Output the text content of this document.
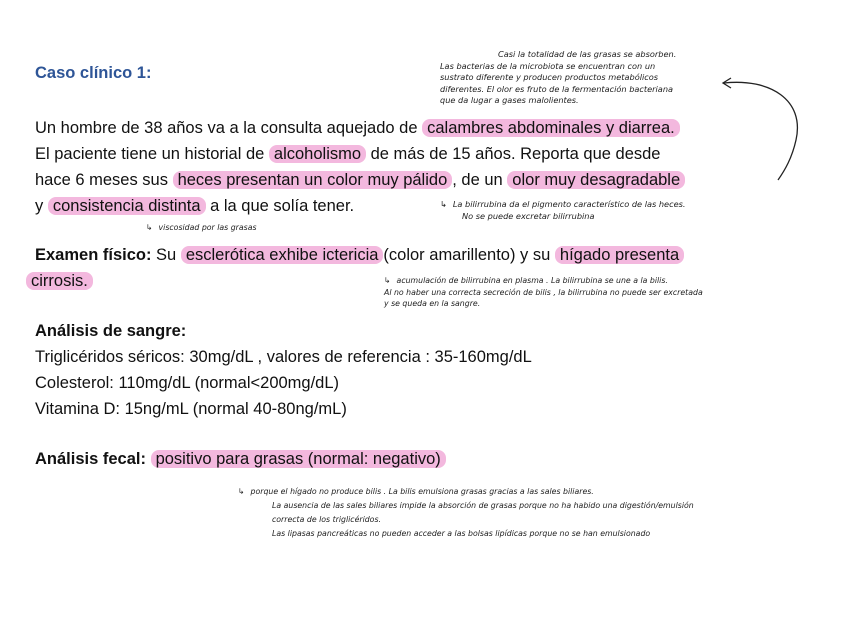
Caso clínico 1:
Un hombre de 38 años va a la consulta aquejado de calambres abdominales y diarrea.
El paciente tiene un historial de alcoholismo de más de 15 años. Reporta que desde
hace 6 meses sus heces presentan un color muy pálido , de un olor muy desagradable
y consistencia distinta a la que solía tener.
Examen físico: Su esclerótica exhibe ictericia (color amarillento) y su hígado presenta
cirrosis.
Análisis de sangre:
Triglicéridos séricos: 30mg/dL , valores de referencia : 35-160mg/dL
Colesterol: 110mg/dL (normal<200mg/dL)
Vitamina D: 15ng/mL (normal 40-80ng/mL)
Análisis fecal: positivo para grasas (normal: negativo)
Casi la totalidad de las grasas se absorben.
Las bacterias de la microbiota se encuentran con un
sustrato diferente y producen productos metabólicos
diferentes. El olor es fruto de la fermentación bacteriana
que da lugar a gases malolientes.
↳ La bilirrubina da el pigmento característico de las heces.
No se puede excretar bilirrubina
↳ viscosidad por las grasas
↳ acumulación de bilirrubina en plasma . La bilirrubina se une a la bilis.
Al no haber una correcta secreción de bilis , la bilirrubina no puede ser excretada
y se queda en la sangre.
↳ porque el hígado no produce bilis . La bilis emulsiona grasas gracias a las sales biliares.
La ausencia de las sales biliares impide la absorción de grasas porque no ha habido una digestión/emulsión
correcta de los triglicéridos.
Las lipasas pancreáticas no pueden acceder a las bolsas lipídicas porque no se han emulsionado
